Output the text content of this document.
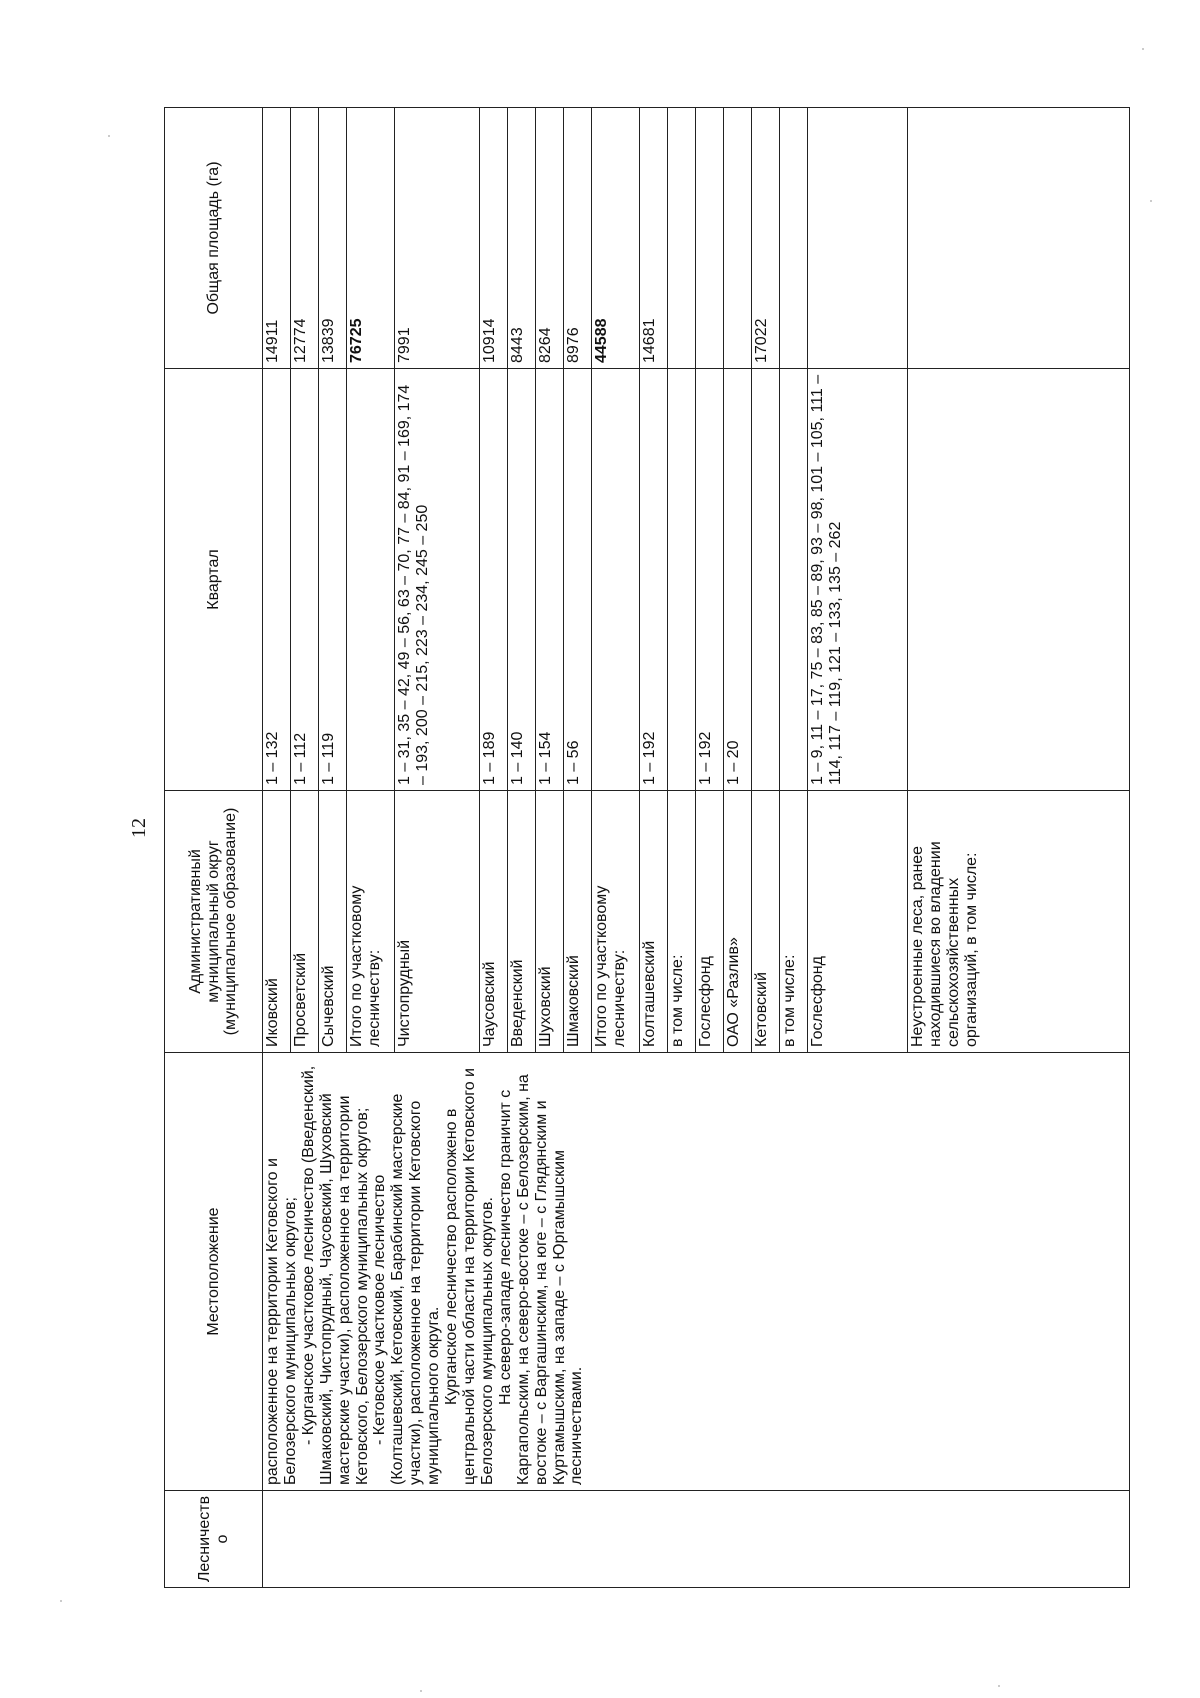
12
Лесничество	Местоположение	Административный муниципальный округ (муниципальное образование)	Квартал	Общая площадь (га)

	расположенное на территории Кетовского и Белозерского муниципальных округов; - Курганское участковое лесничество (Введенский, Шмаковский, Чистопрудный, Чаусовский, Шуховский мастерские участки), расположенное на территории Кетовского, Белозерского муниципальных округов; - Кетовское участковое лесничество (Колташевский, Кетовский, Барабинский мастерские участки), расположенное на территории Кетовского муниципального округа. Курганское лесничество расположено в центральной части области на территории Кетовского и Белозерского муниципальных округов. На северо-западе лесничество граничит с Каргапольским, на северо-востоке – с Белозерским, на востоке – с Варгашинским, на юге – с Глядянским и Куртамышским, на западе – с Юргамышским лесничествами.	Иковский	1 – 132	14911
		Просветский	1 – 112	12774
		Сычевский	1 – 119	13839
		Итого по участковому лесничеству:		76725
		Чистопрудный	1 – 31, 35 – 42, 49 – 56, 63 – 70, 77 – 84, 91 – 169, 174 – 193, 200 – 215, 223 – 234, 245 – 250	7991
		Чаусовский	1 – 189	10914
		Введенский	1 – 140	8443
		Шуховский	1 – 154	8264
		Шмаковский	1 – 56	8976
		Итого по участковому лесничеству:		44588
		Колташевский	1 – 192	14681
		в том числе:		
		Гослесфонд	1 – 192	
		ОАО «Разлив»	1 – 20	
		Кетовский		17022
		в том числе:		
		Гослесфонд	1 – 9, 11 – 17, 75 – 83, 85 – 89, 93 – 98, 101 – 105, 111 – 114, 117 – 119, 121 – 133, 135 – 262	
		Неустроенные леса, ранее находившиеся во владении сельскохозяйственных организаций, в том числе:		
